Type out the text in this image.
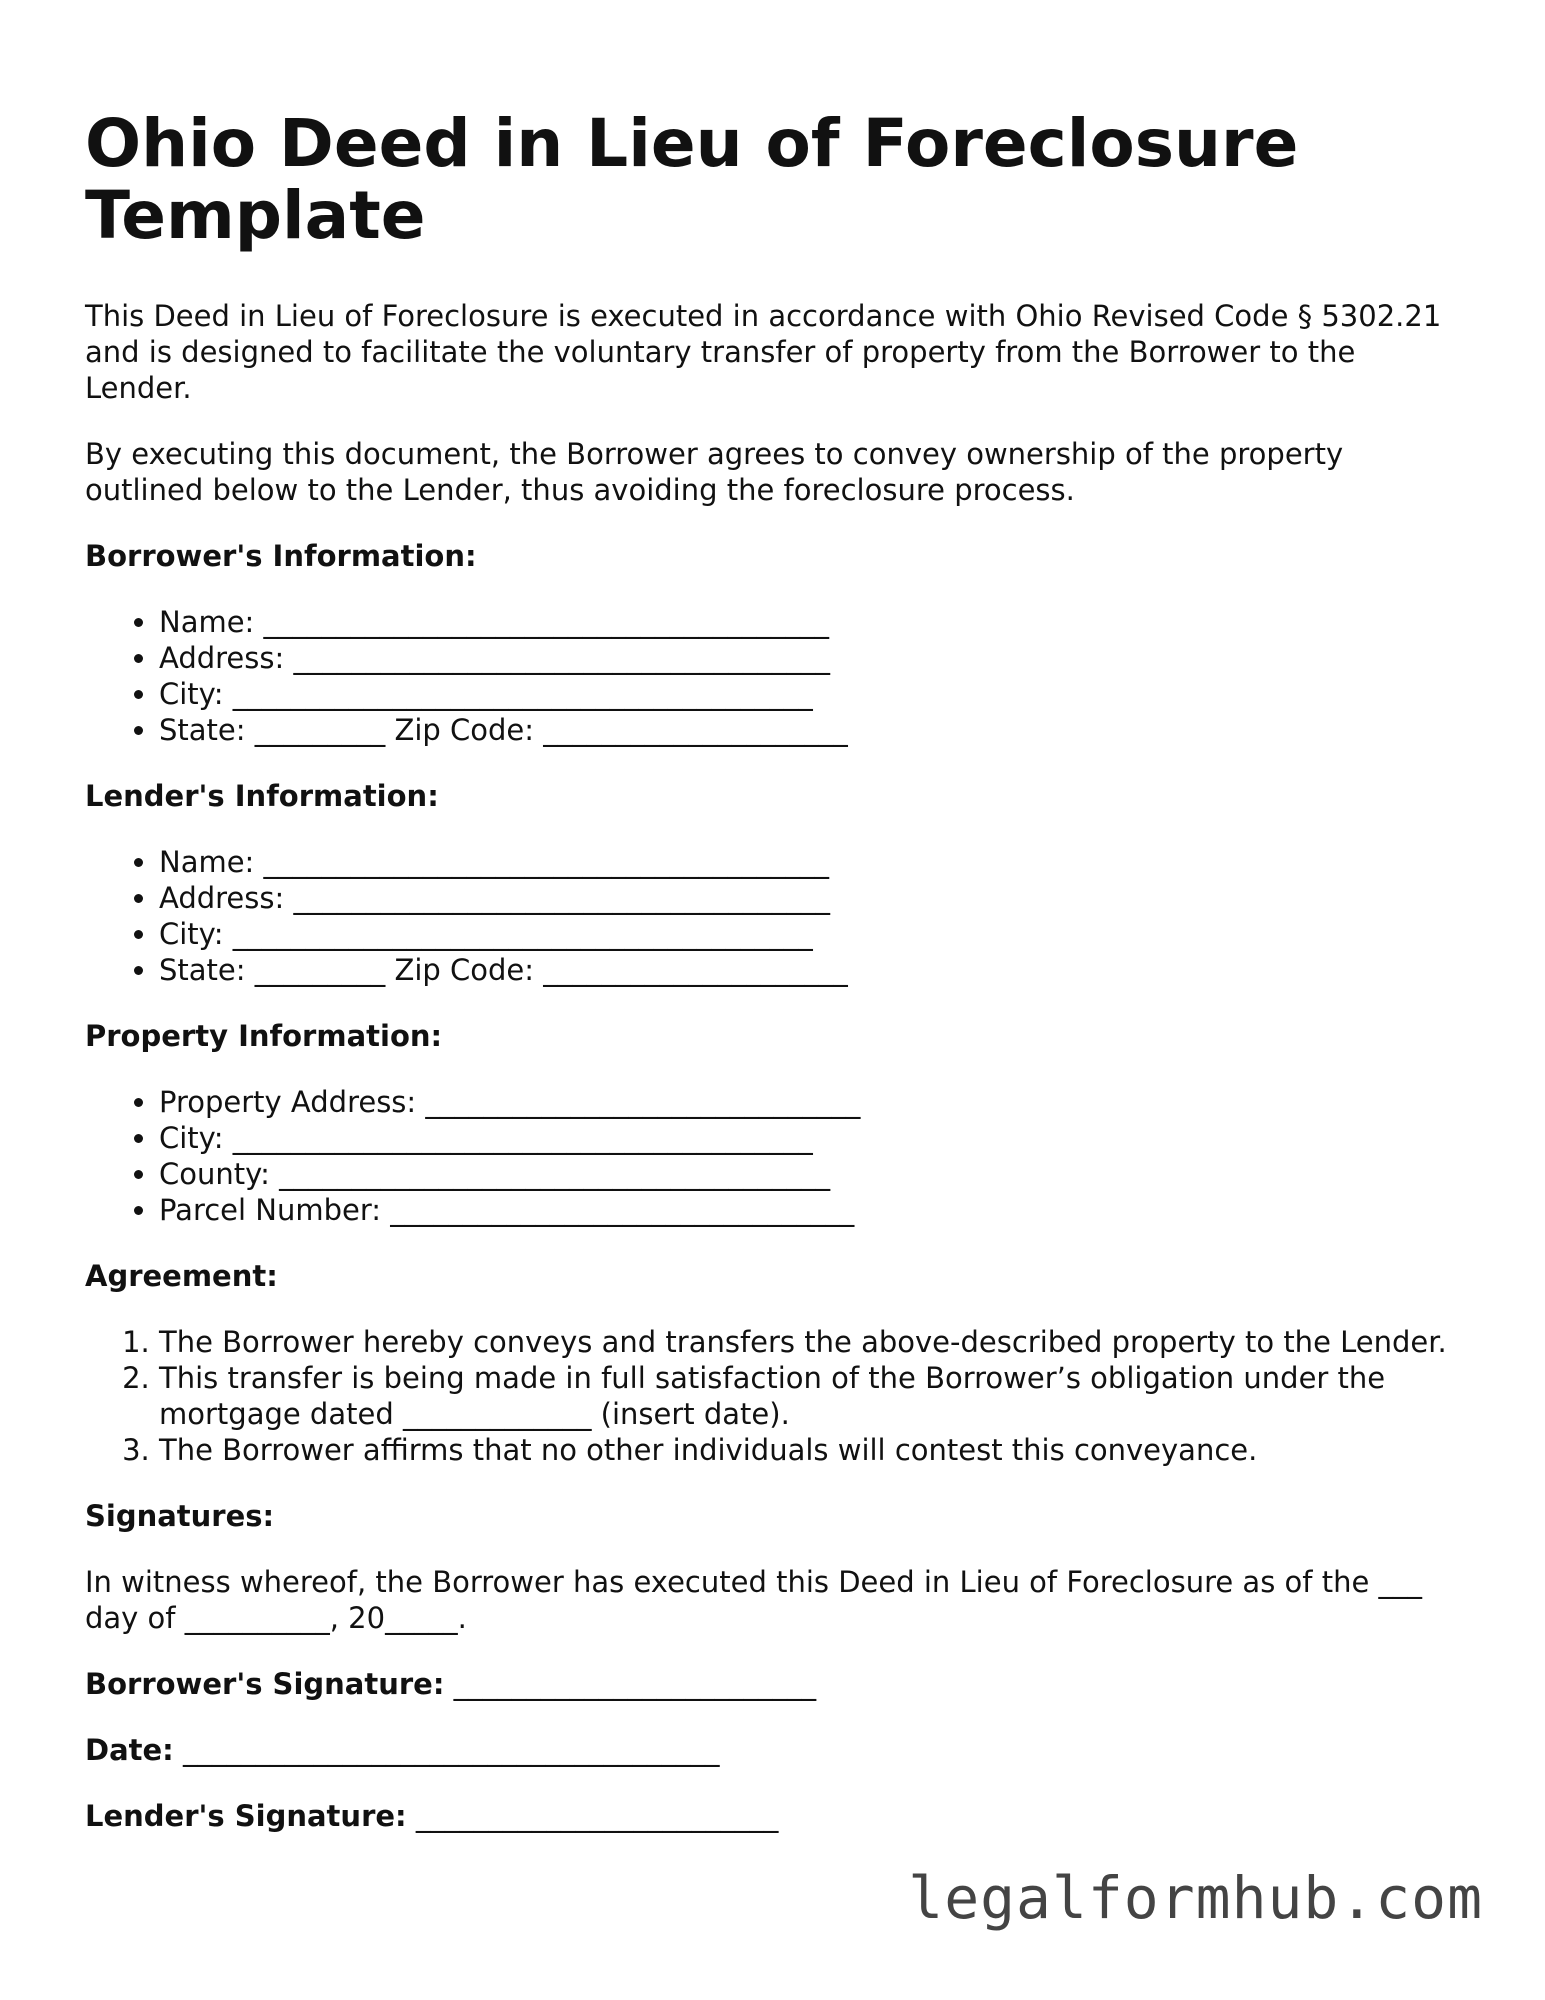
Ohio Deed in Lieu of Foreclosure Template

This Deed in Lieu of Foreclosure is executed in accordance with Ohio Revised Code § 5302.21 and is designed to facilitate the voluntary transfer of property from the Borrower to the Lender.

By executing this document, the Borrower agrees to convey ownership of the property outlined below to the Lender, thus avoiding the foreclosure process.

Borrower's Information:
• Name: _______________________________________
• Address: _____________________________________
• City: ________________________________________
• State: _________ Zip Code: _____________________
Lender's Information:
• Name: _______________________________________
• Address: _____________________________________
• City: ________________________________________
• State: _________ Zip Code: _____________________
Property Information:
• Property Address: ______________________________
• City: ________________________________________
• County: ______________________________________
• Parcel Number: ________________________________
Agreement:
1. The Borrower hereby conveys and transfers the above-described property to the Lender.
2. This transfer is being made in full satisfaction of the Borrower’s obligation under the mortgage dated _____________ (insert date).
3. The Borrower affirms that no other individuals will contest this conveyance.
Signatures:

In witness whereof, the Borrower has executed this Deed in Lieu of Foreclosure as of the ___ day of __________, 20_____.

Borrower's Signature: _________________________
Date: _____________________________________
Lender's Signature: _________________________
legalformhub.com
